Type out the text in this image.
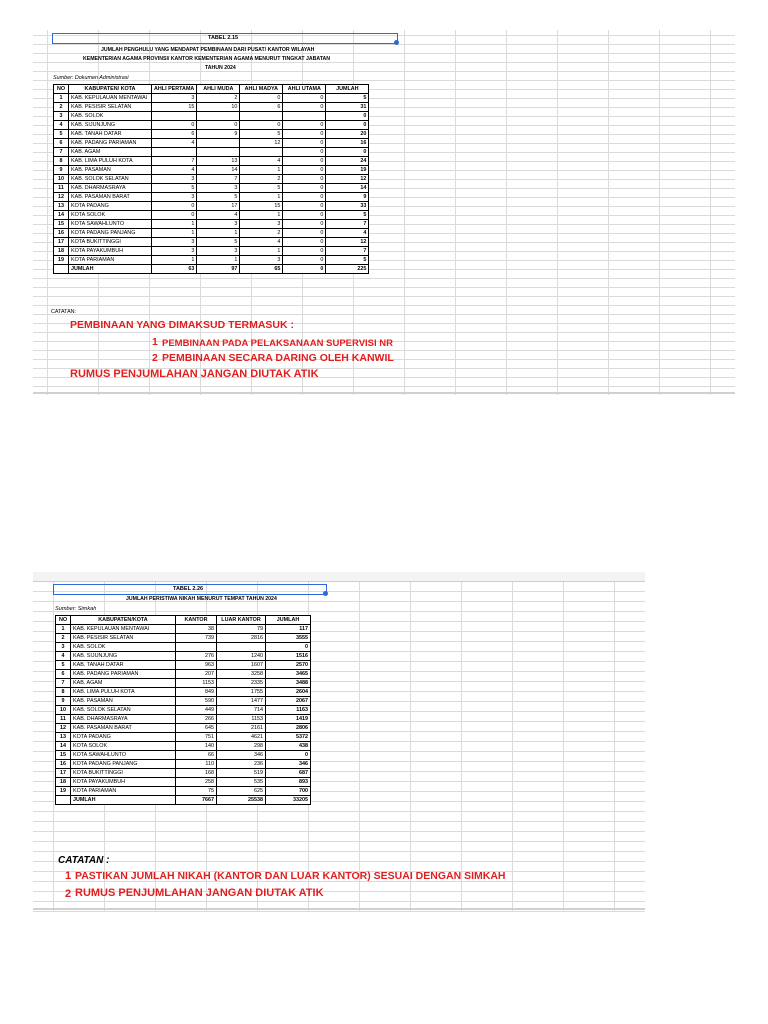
TABEL 2.15
JUMLAH PENGHULU YANG MENDAPAT PEMBINAAN DARI PUSAT/ KANTOR WILAYAH
KEMENTERIAN AGAMA PROVINSI/ KANTOR KEMENTERIAN AGAMA MENURUT TINGKAT JABATAN
TAHUN 2024
Sumber: Dokumen Administrasi
NO	KABUPATEN/ KOTA	AHLI PERTAMA	AHLI MUDA	AHLI MADYA	AHLI UTAMA	JUMLAH
1	KAB. KEPULAUAN MENTAWAI	3	2	0	0	5
2	KAB. PESISIR SELATAN	15	10	6	0	31
3	KAB. SOLOK					0
4	KAB. SIJUNJUNG	0	0	0	0	0
5	KAB. TANAH DATAR	6	9	5	0	20
6	KAB. PADANG PARIAMAN	4		12	0	16
7	KAB. AGAM				0	0
8	KAB. LIMA PULUH KOTA	7	13	4	0	24
9	KAB. PASAMAN	4	14	1	0	19
10	KAB. SOLOK SELATAN	3	7	2	0	12
11	KAB. DHARMASRAYA	5	3	5	0	14
12	KAB. PASAMAN BARAT	3	5	1	0	9
13	KOTA PADANG	0	17	15	0	33
14	KOTA SOLOK	0	4	1	0	5
15	KOTA SAWAHLUNTO	1	3	3	0	7
16	KOTA PADANG PANJANG	1	1	2	0	4
17	KOTA BUKITTINGGI	3	5	4	0	12
18	KOTA PAYAKUMBUH	3	3	1	0	7
19	KOTA PARIAMAN	1	1	3	0	5
	JUMLAH	63	97	65	0	225
CATATAN:
PEMBINAAN YANG DIMAKSUD TERMASUK :
1 PEMBINAAN PADA PELAKSANAAN SUPERVISI NR
2 PEMBINAAN SECARA DARING OLEH KANWIL
RUMUS PENJUMLAHAN JANGAN DIUTAK ATIK
TABEL 2.26
JUMLAH PERISTIWA NIKAH MENURUT TEMPAT TAHUN 2024
Sumber: Simkah
NO	KABUPATEN/KOTA	KANTOR	LUAR KANTOR	JUMLAH
1	KAB. KEPULAUAN MENTAWAI	38	79	117
2	KAB. PESISIR SELATAN	739	2816	3555
3	KAB. SOLOK			0
4	KAB. SIJUNJUNG	276	1240	1516
5	KAB. TANAH DATAR	963	1607	2570
6	KAB. PADANG PARIAMAN	207	3258	3465
7	KAB. AGAM	1153	2335	3488
8	KAB. LIMA PULUH KOTA	849	1755	2604
9	KAB. PASAMAN	590	1477	2067
10	KAB. SOLOK SELATAN	449	714	1163
11	KAB. DHARMASRAYA	266	1153	1419
12	KAB. PASAMAN BARAT	645	2161	2806
13	KOTA PADANG	751	4621	5372
14	KOTA SOLOK	140	298	438
15	KOTA SAWAHLUNTO	66	346	0
16	KOTA PADANG PANJANG	110	236	346
17	KOTA BUKITTINGGI	168	519	687
18	KOTA PAYAKUMBUH	258	535	893
19	KOTA PARIAMAN	75	625	700
	JUMLAH	7667	25538	33205
CATATAN :
1 PASTIKAN JUMLAH NIKAH (KANTOR DAN LUAR KANTOR) SESUAI DENGAN SIMKAH
2 RUMUS PENJUMLAHAN JANGAN DIUTAK ATIK
